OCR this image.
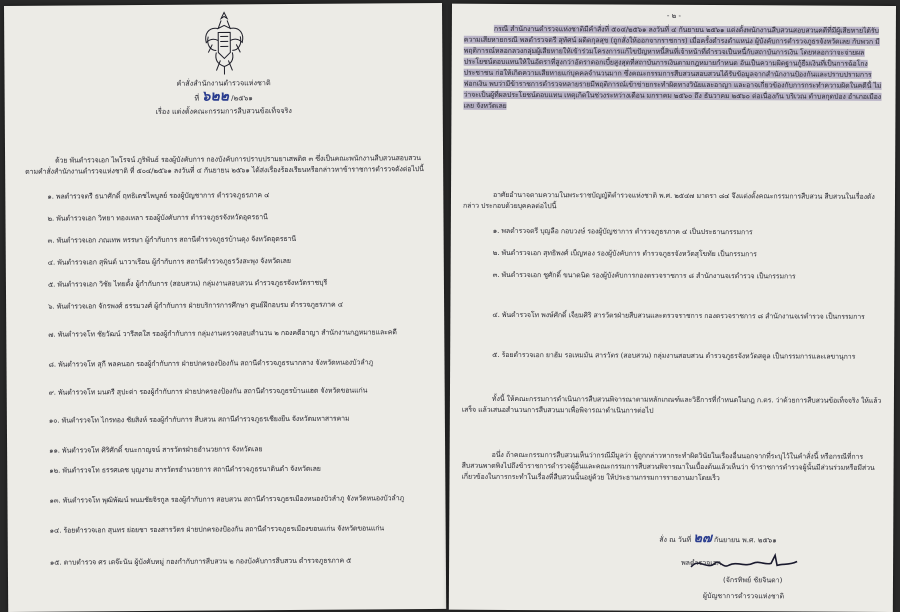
คำสั่งสำนักงานตำรวจแห่งชาติ
ที่ ๖๒๒ /๒๕๖๑
เรื่อง แต่งตั้งคณะกรรมการสืบสวนข้อเท็จจริง
ด้วย พันตำรวจเอก ไพโรจน์ ภูริพันธ์ รองผู้บังคับการ กองบังคับการปราบปรามยาเสพติด ๓ ซึ่งเป็นคณะพนักงานสืบสวนสอบสวน ตามคำสั่งสำนักงานตำรวจแห่งชาติ ที่ ๕๐๔/๒๕๖๑ ลงวันที่ ๔ กันยายน ๒๕๖๑ ได้ส่งเรื่องร้องเรียนหรือกล่าวหาข้าราชการตำรวจดังต่อไปนี้
๑. พลตำรวจตรี ธนาศักดิ์ ฤทธิเดชไพบูลย์ รองผู้บัญชาการ ตำรวจภูธรภาค ๔
๒. พันตำรวจเอก วิทยา ทองเหลา รองผู้บังคับการ ตำรวจภูธรจังหวัดอุดรธานี
๓. พันตำรวจเอก ภณเทพ หรรษา ผู้กำกับการ สถานีตำรวจภูธรบ้านดุง จังหวัดอุดรธานี
๔. พันตำรวจเอก สุพินต์ นาวาเรือน ผู้กำกับการ สถานีตำรวจภูธรวังสะพุง จังหวัดเลย
๕. พันตำรวจเอก วิชัย ไทยตั้ง ผู้กำกับการ (สอบสวน) กลุ่มงานสอบสวน ตำรวจภูธรจังหวัดราชบุรี
๖. พันตำรวจเอก จักรพงศ์ ธรรมวงศ์ ผู้กำกับการ ฝ่ายบริการการศึกษา ศูนย์ฝึกอบรม ตำรวจภูธรภาค ๔
๗. พันตำรวจโท ชัยวัฒน์ วารีสดใส รองผู้กำกับการ กลุ่มงานตรวจสอบสำนวน ๒ กองคดีอาญา สำนักงานกฎหมายและคดี
๘. พันตำรวจโท สุกี พลคนอก รองผู้กำกับการ ฝ่ายปกครองป้องกัน สถานีตำรวจภูธรนากลาง จังหวัดหนองบัวลำภู
๙. พันตำรวจโท มนตรี สุปะต่า รองผู้กำกับการ ฝ่ายปกครองป้องกัน สถานีตำรวจภูธรบ้านแฮด จังหวัดขอนแก่น
๑๐. พันตำรวจโท ไกรทอง ชัยสิงห์ รองผู้กำกับการ สืบสวน สถานีตำรวจภูธรเชียงยืน จังหวัดมหาสารคาม
๑๑. พันตำรวจโท ศิริศักดิ์ ขนะกาญจน์ สารวัตรฝ่ายอำนวยการ จังหวัดเลย
๑๒. พันตำรวจโท ธรรศเดช บุญงาม สารวัตรอำนวยการ สถานีตำรวจภูธรนาดินดำ จังหวัดเลย
๑๓. พันตำรวจโท พุฒิพัฒน์ พนมชัยจิรกูล รองผู้กำกับการ สอบสวน สถานีตำรวจภูธรเมืองหนองบัวลำภู จังหวัดหนองบัวลำภู
๑๔. ร้อยตำรวจเอก สุนทร ย่อยชา รองสารวัตร ฝ่ายปกครองป้องกัน สถานีตำรวจภูธรเมืองขอนแก่น จังหวัดขอนแก่น
๑๕. ดาบตำรวจ ศร เตจ๊ะนัน ผู้บังคับหมู่ กองกำกับการสืบสวน ๒ กองบังคับการสืบสวน ตำรวจภูธรภาค ๕
- ๒ -
กรณี สำนักงานตำรวจแห่งชาติมีคำสั่งที่ ๕๐๔/๒๕๖๑ ลงวันที่ ๔ กันยายน ๒๕๖๑ แต่งตั้งพนักงานสืบสวนสอบสวนคดีที่มีผู้เสียหายได้รับความเสียหายกรณี พลตำรวจตรี สุทัศน์ ผดิตกุลสุข (ถูกสั่งให้ออกจากราชการ) เมื่อครั้งดำรงตำแหน่ง ผู้บังคับการตำรวจภูธรจังหวัดเลย กับพวก มีพฤติการณ์หลอกลวงกลุ่มผู้เสียหายให้เข้าร่วมโครงการแก้ไขปัญหาหนี้สินที่เจ้าหน้าที่ตำรวจเป็นหนี้กับสถาบันการเงิน โดยหลอกว่าจะจ่ายผลประโยชน์ตอบแทนให้ในอัตราที่สูงกว่าอัตราดอกเบี้ยสูงสุดที่สถาบันการเงินตามกฎหมายกำหนด อันเป็นความผิดฐานกู้ยืมเงินที่เป็นการฉ้อโกงประชาชน ก่อให้เกิดความเสียหายแก่บุคคลจำนวนมาก ซึ่งคณะกรรมการสืบสวนสอบสวนได้รับข้อมูลจากสำนักงานป้องกันและปราบปรามการฟอกเงิน พบว่ามีข้าราชการตำรวจหลายรายมีพฤติการณ์เข้าข่ายกระทำผิดทางวินัยและอาญา และอาจเกี่ยวข้องกับการกระทำความผิดในคดีนี้ ไม่ว่าจะเป็นผู้ที่ผลประโยชน์ตอบแทน เหตุเกิดในช่วงระหว่างเดือน มกราคม ๒๕๖๐ ถึง ธันวาคม ๒๕๖๐ ต่อเนื่องกัน บริเวณ ตำบลกุดป่อง อำเภอเมืองเลย จังหวัดเลย
อาศัยอำนาจตามความในพระราชบัญญัติตำรวจแห่งชาติ พ.ศ. ๒๕๔๗ มาตรา ๘๔ จึงแต่งตั้งคณะกรรมการสืบสวน สืบสวนในเรื่องดังกล่าว ประกอบด้วยบุคคลต่อไปนี้
๑. พลตำรวจตรี บุญลือ กอบวงษ์ รองผู้บัญชาการ ตำรวจภูธรภาค ๔ เป็นประธานกรรมการ
๒. พันตำรวจเอก สุทธิพงศ์ เบ็ญทอง รองผู้บังคับการ ตำรวจภูธรจังหวัดสุโขทัย เป็นกรรมการ
๓. พันตำรวจเอก ชูศักดิ์ ขนาดนิด รองผู้บังคับการกองตรวจราชการ ๘ สำนักงานจเรตำรวจ เป็นกรรมการ
๔. พันตำรวจโท พงษ์ศักดิ์ เจ็ยมศิริ สารวัตรฝ่ายสืบสวนและตรวจราชการ กองตรวจราชการ ๘ สำนักงานจเรตำรวจ เป็นกรรมการ
๕. ร้อยตำรวจเอก ยาฮัม รอเหมมัน สารวัตร (สอบสวน) กลุ่มงานสอบสวน ตำรวจภูธรจังหวัดสตูล เป็นกรรมการและเลขานุการ
ทั้งนี้ ให้คณะกรรมการดำเนินการสืบสวนพิจารณาตามหลักเกณฑ์และวิธีการที่กำหนดในกฎ ก.ตร. ว่าด้วยการสืบสวนข้อเท็จจริง ให้แล้วเสร็จ แล้วเสนอสำนวนการสืบสวนมาเพื่อพิจารณาดำเนินการต่อไป
อนึ่ง ถ้าคณะกรรมการสืบสวนเห็นว่ากรณีมีมูลว่า ผู้ถูกกล่าวหากระทำผิดวินัยในเรื่องอื่นนอกจากที่ระบุไว้ในคำสั่งนี้ หรือกรณีที่การสืบสวนพาดพิงไปถึงข้าราชการตำรวจผู้อื่นและคณะกรรมการสืบสวนพิจารณาในเบื้องต้นแล้วเห็นว่า ข้าราชการตำรวจผู้นั้นมีส่วนร่วมหรือมีส่วนเกี่ยวข้องในการกระทำในเรื่องที่สืบสวนนั้นอยู่ด้วย ให้ประธานกรรมการรายงานมาโดยเร็ว
สั่ง ณ วันที่ ๒๗ กันยายน พ.ศ. ๒๕๖๑
พลตำรวจเอก
(จักรทิพย์ ชัยจินดา)
ผู้บัญชาการตำรวจแห่งชาติ
